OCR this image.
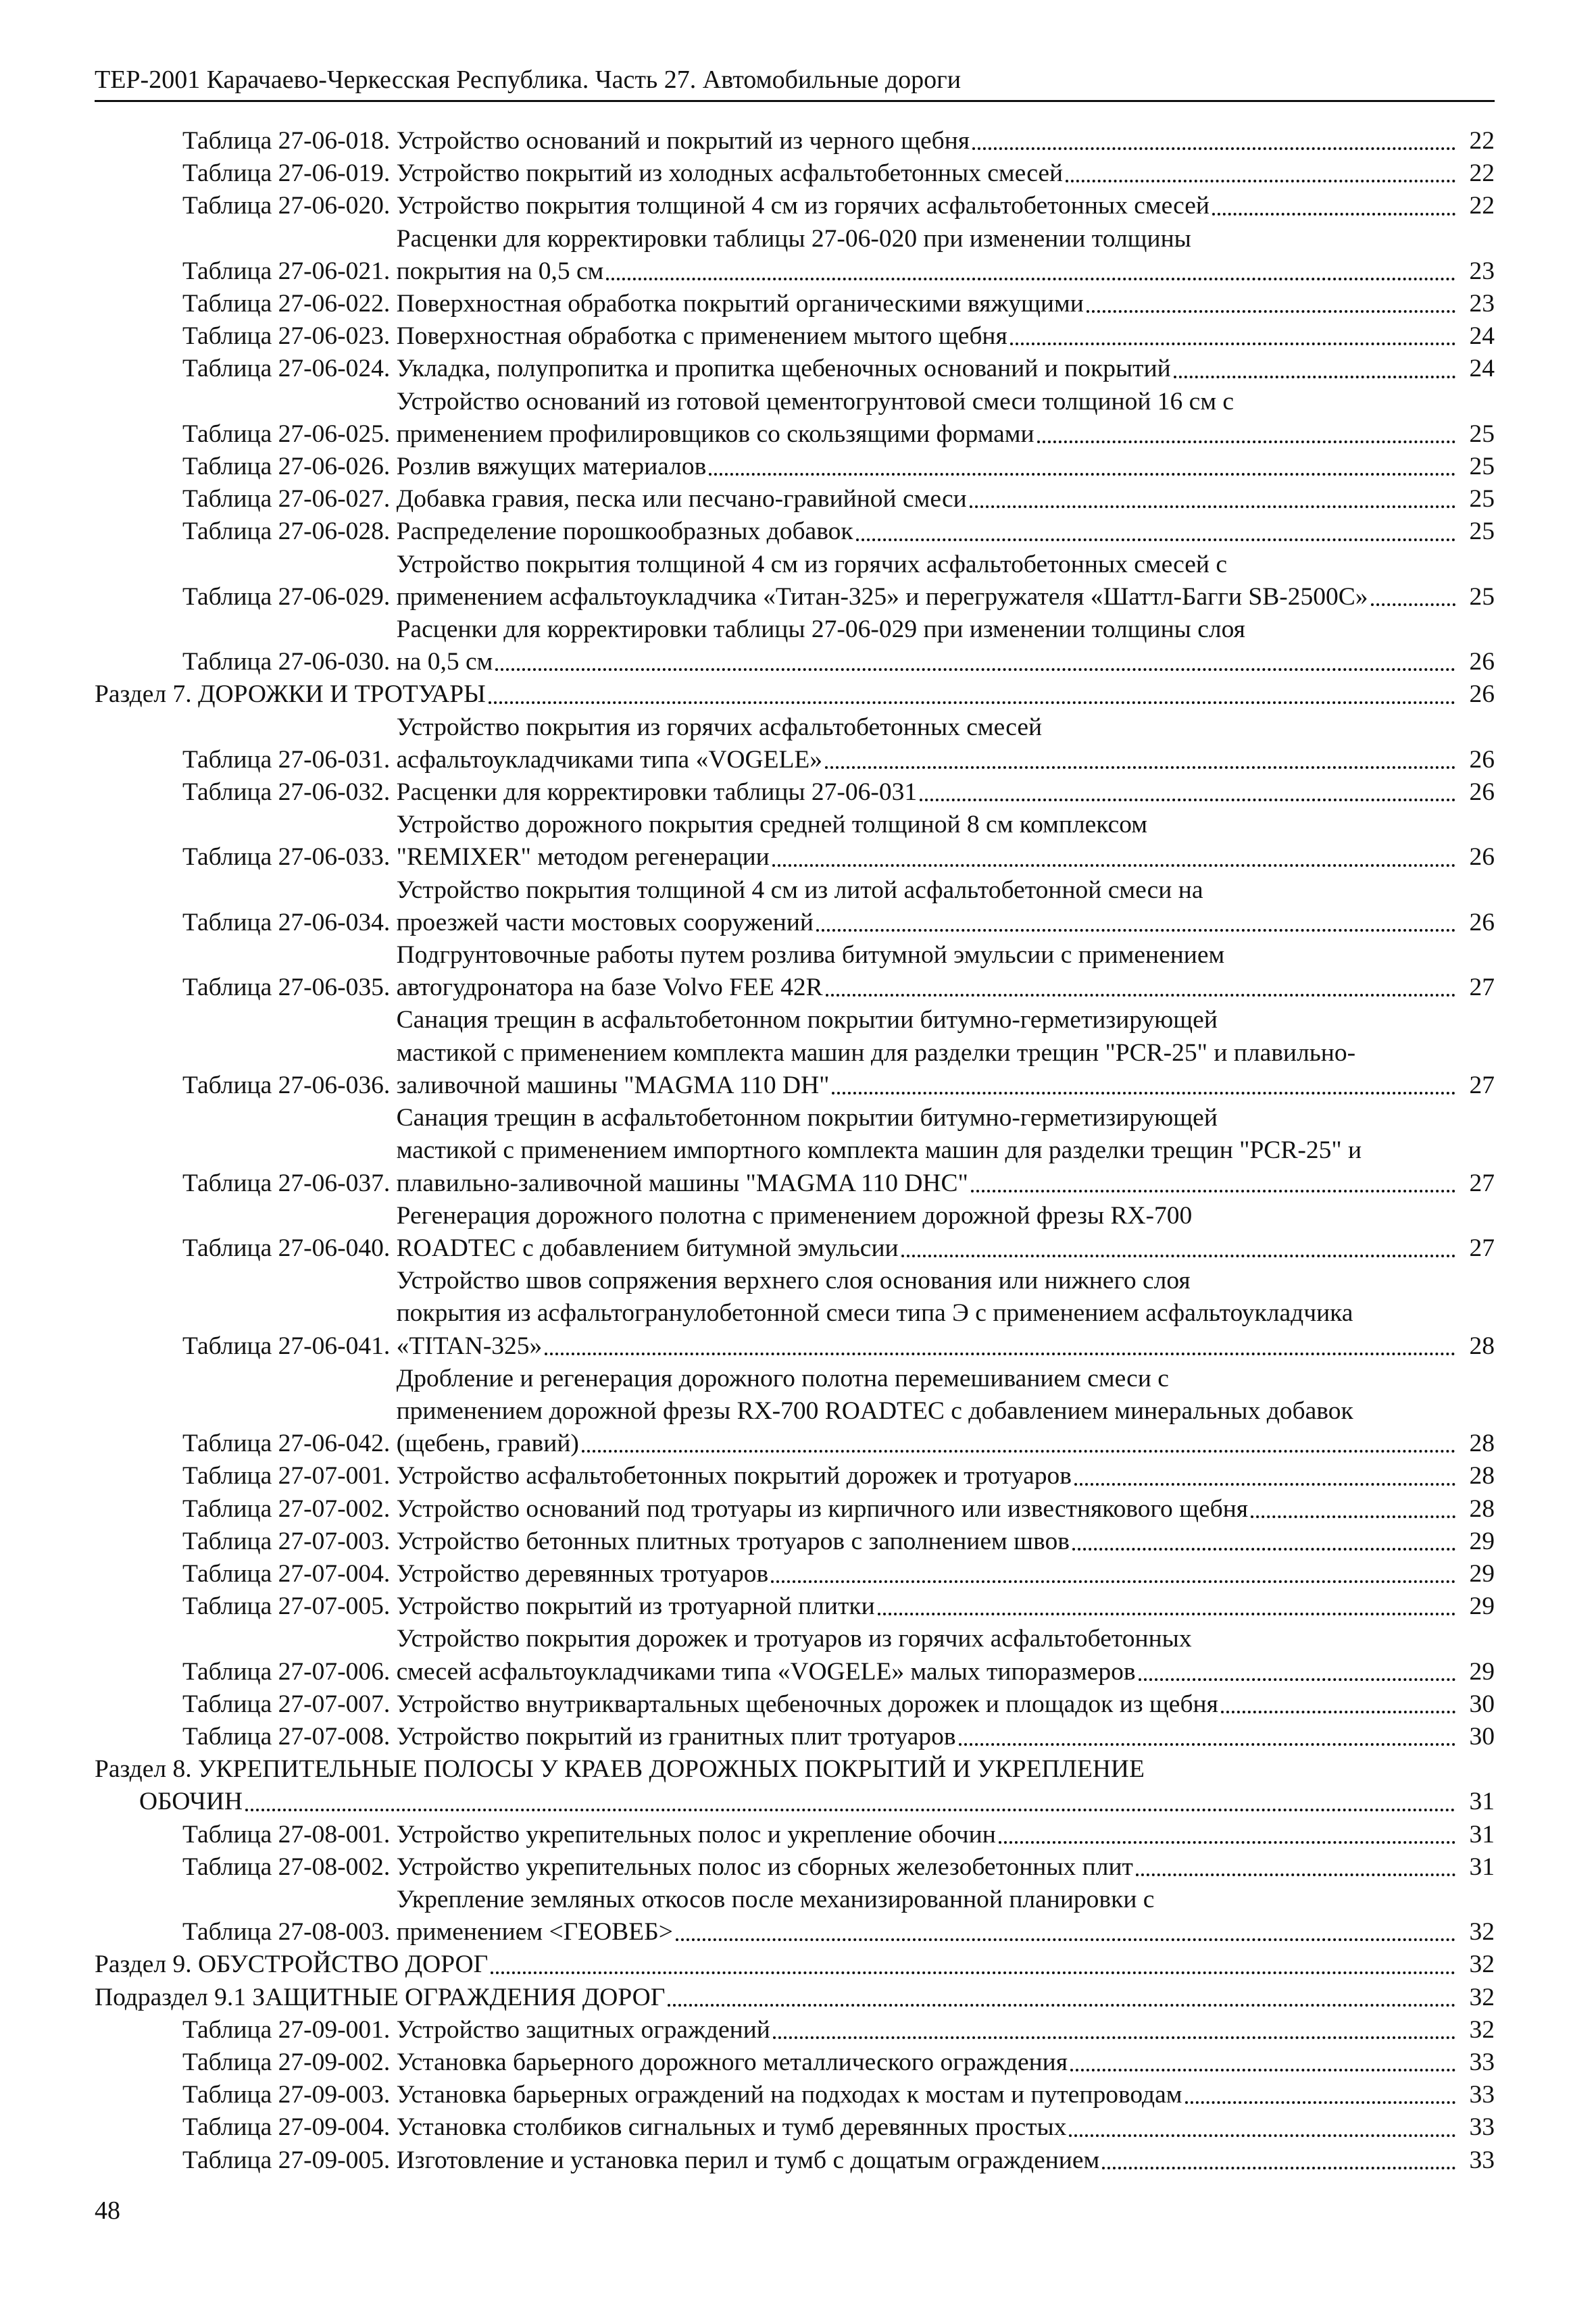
ТЕР-2001 Карачаево-Черкесская Республика. Часть 27. Автомобильные дороги
Таблица 27-06-018. Устройство оснований и покрытий из черного щебня	22
Таблица 27-06-019. Устройство покрытий из холодных асфальтобетонных смесей	22
Таблица 27-06-020. Устройство покрытия толщиной 4 см из горячих асфальтобетонных смесей	22
Таблица 27-06-021.
Расценки для корректировки таблицы 27-06-020 при изменении толщины
покрытия на 0,5 см	23
Таблица 27-06-022. Поверхностная обработка покрытий органическими вяжущими	23
Таблица 27-06-023. Поверхностная обработка с применением мытого щебня	24
Таблица 27-06-024. Укладка, полупропитка и пропитка щебеночных оснований и покрытий	24
Таблица 27-06-025.
Устройство оснований из готовой цементогрунтовой смеси толщиной 16 см с
применением профилировщиков со скользящими формами	25
Таблица 27-06-026. Розлив вяжущих материалов	25
Таблица 27-06-027. Добавка гравия, песка или песчано-гравийной смеси	25
Таблица 27-06-028. Распределение порошкообразных добавок	25
Таблица 27-06-029.
Устройство покрытия толщиной 4 см из горячих асфальтобетонных смесей с
применением асфальтоукладчика «Титан-325» и перегружателя «Шаттл-Багги SB-2500C»	25
Таблица 27-06-030.
Расценки для корректировки таблицы 27-06-029 при изменении толщины слоя
на 0,5 см	26
Раздел 7. ДОРОЖКИ И ТРОТУАРЫ	26
Таблица 27-06-031.
Устройство покрытия из горячих асфальтобетонных смесей
асфальтоукладчиками типа «VOGELE»	26
Таблица 27-06-032. Расценки для корректировки таблицы 27-06-031	26
Таблица 27-06-033.
Устройство дорожного покрытия средней толщиной 8 см комплексом
"REMIXER" методом регенерации	26
Таблица 27-06-034.
Устройство покрытия толщиной 4 см из литой асфальтобетонной смеси на
проезжей части мостовых сооружений	26
Таблица 27-06-035.
Подгрунтовочные работы путем розлива битумной эмульсии с применением
автогудронатора на базе Volvo FEE 42R	27
Таблица 27-06-036.
Санация трещин в асфальтобетонном покрытии битумно-герметизирующей
мастикой с применением комплекта машин для разделки трещин "PCR-25" и плавильно-
заливочной машины "MAGMA 110 DH"	27
Таблица 27-06-037.
Санация трещин в асфальтобетонном покрытии битумно-герметизирующей
мастикой с применением импортного комплекта машин для разделки трещин "PCR-25" и
плавильно-заливочной машины "MAGMA 110 DHC"	27
Таблица 27-06-040.
Регенерация дорожного полотна с применением дорожной фрезы RX-700
ROADTEC с добавлением битумной эмульсии	27
Таблица 27-06-041.
Устройство швов сопряжения верхнего слоя основания или нижнего слоя
покрытия из асфальтогранулобетонной смеси типа Э с применением асфальтоукладчика
«TITAN-325»	28
Таблица 27-06-042.
Дробление и регенерация дорожного полотна перемешиванием смеси с
применением дорожной фрезы RX-700 ROADTEC с добавлением минеральных добавок
(щебень, гравий)	28
Таблица 27-07-001. Устройство асфальтобетонных покрытий дорожек и тротуаров	28
Таблица 27-07-002. Устройство оснований под тротуары из кирпичного или известнякового щебня	28
Таблица 27-07-003. Устройство бетонных плитных тротуаров с заполнением швов	29
Таблица 27-07-004. Устройство деревянных тротуаров	29
Таблица 27-07-005. Устройство покрытий из тротуарной плитки	29
Таблица 27-07-006.
Устройство покрытия дорожек и тротуаров из горячих асфальтобетонных
смесей асфальтоукладчиками типа «VOGELE» малых типоразмеров	29
Таблица 27-07-007. Устройство внутриквартальных щебеночных дорожек и площадок из щебня	30
Таблица 27-07-008. Устройство покрытий из гранитных плит тротуаров	30
Раздел 8. УКРЕПИТЕЛЬНЫЕ ПОЛОСЫ У КРАЕВ ДОРОЖНЫХ ПОКРЫТИЙ И УКРЕПЛЕНИЕ
ОБОЧИН	31
Таблица 27-08-001. Устройство укрепительных полос и укрепление обочин	31
Таблица 27-08-002. Устройство укрепительных полос из сборных железобетонных плит	31
Таблица 27-08-003.
Укрепление земляных откосов после механизированной планировки с
применением <ГЕОВЕБ>	32
Раздел 9. ОБУСТРОЙСТВО ДОРОГ	32
Подраздел 9.1 ЗАЩИТНЫЕ ОГРАЖДЕНИЯ ДОРОГ	32
Таблица 27-09-001. Устройство защитных ограждений	32
Таблица 27-09-002. Установка барьерного дорожного металлического ограждения	33
Таблица 27-09-003. Установка барьерных ограждений на подходах к мостам и путепроводам	33
Таблица 27-09-004. Установка столбиков сигнальных и тумб деревянных простых	33
Таблица 27-09-005. Изготовление и установка перил и тумб с дощатым ограждением	33
48
